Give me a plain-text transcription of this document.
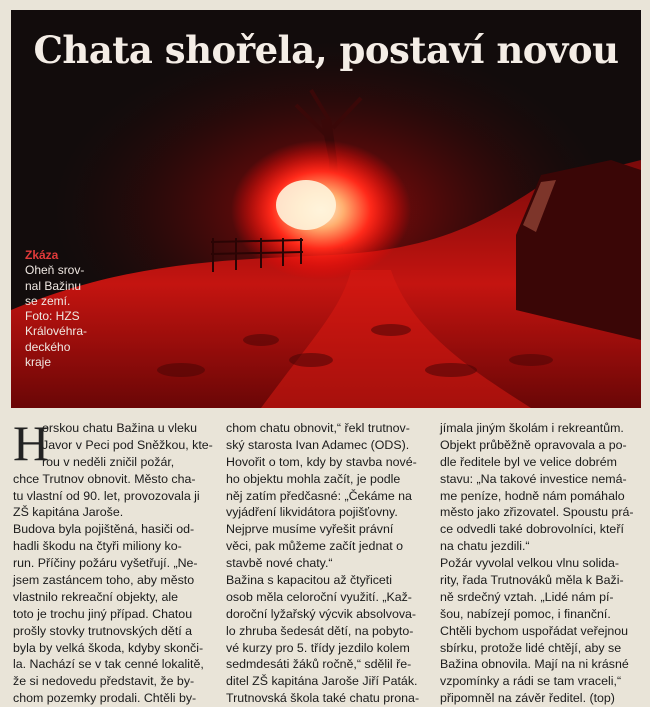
Chata shořela, postaví novou
Zkáza
Oheň srov-
nal Bažinu
se zemí.
Foto: HZS
Královéhra-
deckého
kraje
H
orskou chatu Bažina u vleku
Javor v Peci pod Sněžkou, kte-
rou v neděli zničil požár,
chce Trutnov obnovit. Město cha-
tu vlastní od 90. let, provozovala ji
ZŠ kapitána Jaroše.
Budova byla pojištěná, hasiči od-
hadli škodu na čtyři miliony ko-
run. Příčiny požáru vyšetřují. „Ne-
jsem zastáncem toho, aby město
vlastnilo rekreační objekty, ale
toto je trochu jiný případ. Chatou
prošly stovky trutnovských dětí a
byla by velká škoda, kdyby skonči-
la. Nachází se v tak cenné lokalitě,
že si nedovedu představit, že by-
chom pozemky prodali. Chtěli by-
chom chatu obnovit,“ řekl trutnov-
ský starosta Ivan Adamec (ODS).
Hovořit o tom, kdy by stavba nové-
ho objektu mohla začít, je podle
něj zatím předčasné: „Čekáme na
vyjádření likvidátora pojišťovny.
Nejprve musíme vyřešit právní
věci, pak můžeme začít jednat o
stavbě nové chaty.“
Bažina s kapacitou až čtyřiceti
osob měla celoroční využití. „Kaž-
doroční lyžařský výcvik absolvova-
lo zhruba šedesát dětí, na pobyto-
vé kurzy pro 5. třídy jezdilo kolem
sedmdesáti žáků ročně,“ sdělil ře-
ditel ZŠ kapitána Jaroše Jiří Paták.
Trutnovská škola také chatu prona-
jímala jiným školám i rekreantům.
Objekt průběžně opravovala a po-
dle ředitele byl ve velice dobrém
stavu: „Na takové investice nemá-
me peníze, hodně nám pomáhalo
město jako zřizovatel. Spoustu prá-
ce odvedli také dobrovolníci, kteří
na chatu jezdili.“
Požár vyvolal velkou vlnu solida-
rity, řada Trutnováků měla k Baži-
ně srdečný vztah. „Lidé nám pí-
šou, nabízejí pomoc, i finanční.
Chtěli bychom uspořádat veřejnou
sbírku, protože lidé chtějí, aby se
Bažina obnovila. Mají na ni krásné
vzpomínky a rádi se tam vraceli,“
připomněl na závěr ředitel. (top)
